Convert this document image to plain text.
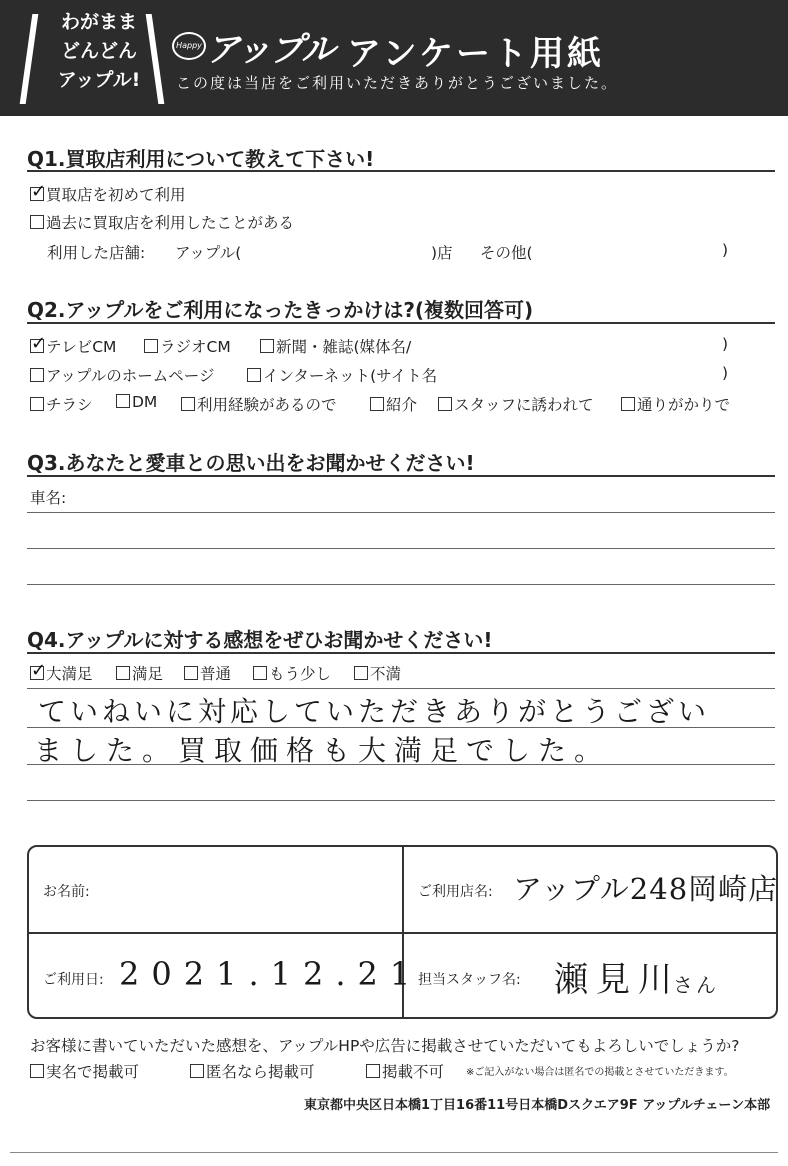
わがまま
どんどん
アップル!
Happy アップル アンケート用紙
この度は当店をご利用いただきありがとうございました。
Q1.買取店利用について教えて下さい!
✓ 買取店を初めて利用
過去に買取店を利用したことがある
利用した店舗: アップル(	)店 その他(	)
Q2.アップルをご利用になったきっかけは?(複数回答可)
✓ テレビCM	ラジオCM	新聞・雑誌(媒体名/	)
アップルのホームページ	インターネット(サイト名	)
チラシ	DM	利用経験があるので	紹介	スタッフに誘われて	通りがかりで
Q3.あなたと愛車との思い出をお聞かせください!
車名:
Q4.アップルに対する感想をぜひお聞かせください!
✓ 大満足	満足	普通	もう少し	不満
ていねいに対応していただきありがとうござい
ました。買取価格も大満足でした。
お名前:	ご利用店名: アップル248岡崎店
ご利用日: 2021.12.21
担当スタッフ名: 瀬見川
さん
お客様に書いていただいた感想を、アップルHPや広告に掲載させていただいてもよろしいでしょうか?
実名で掲載可	匿名なら掲載可	掲載不可 ※ご記入がない場合は匿名での掲載とさせていただきます。
東京都中央区日本橋1丁目16番11号日本橋Dスクエア9F アップルチェーン本部
